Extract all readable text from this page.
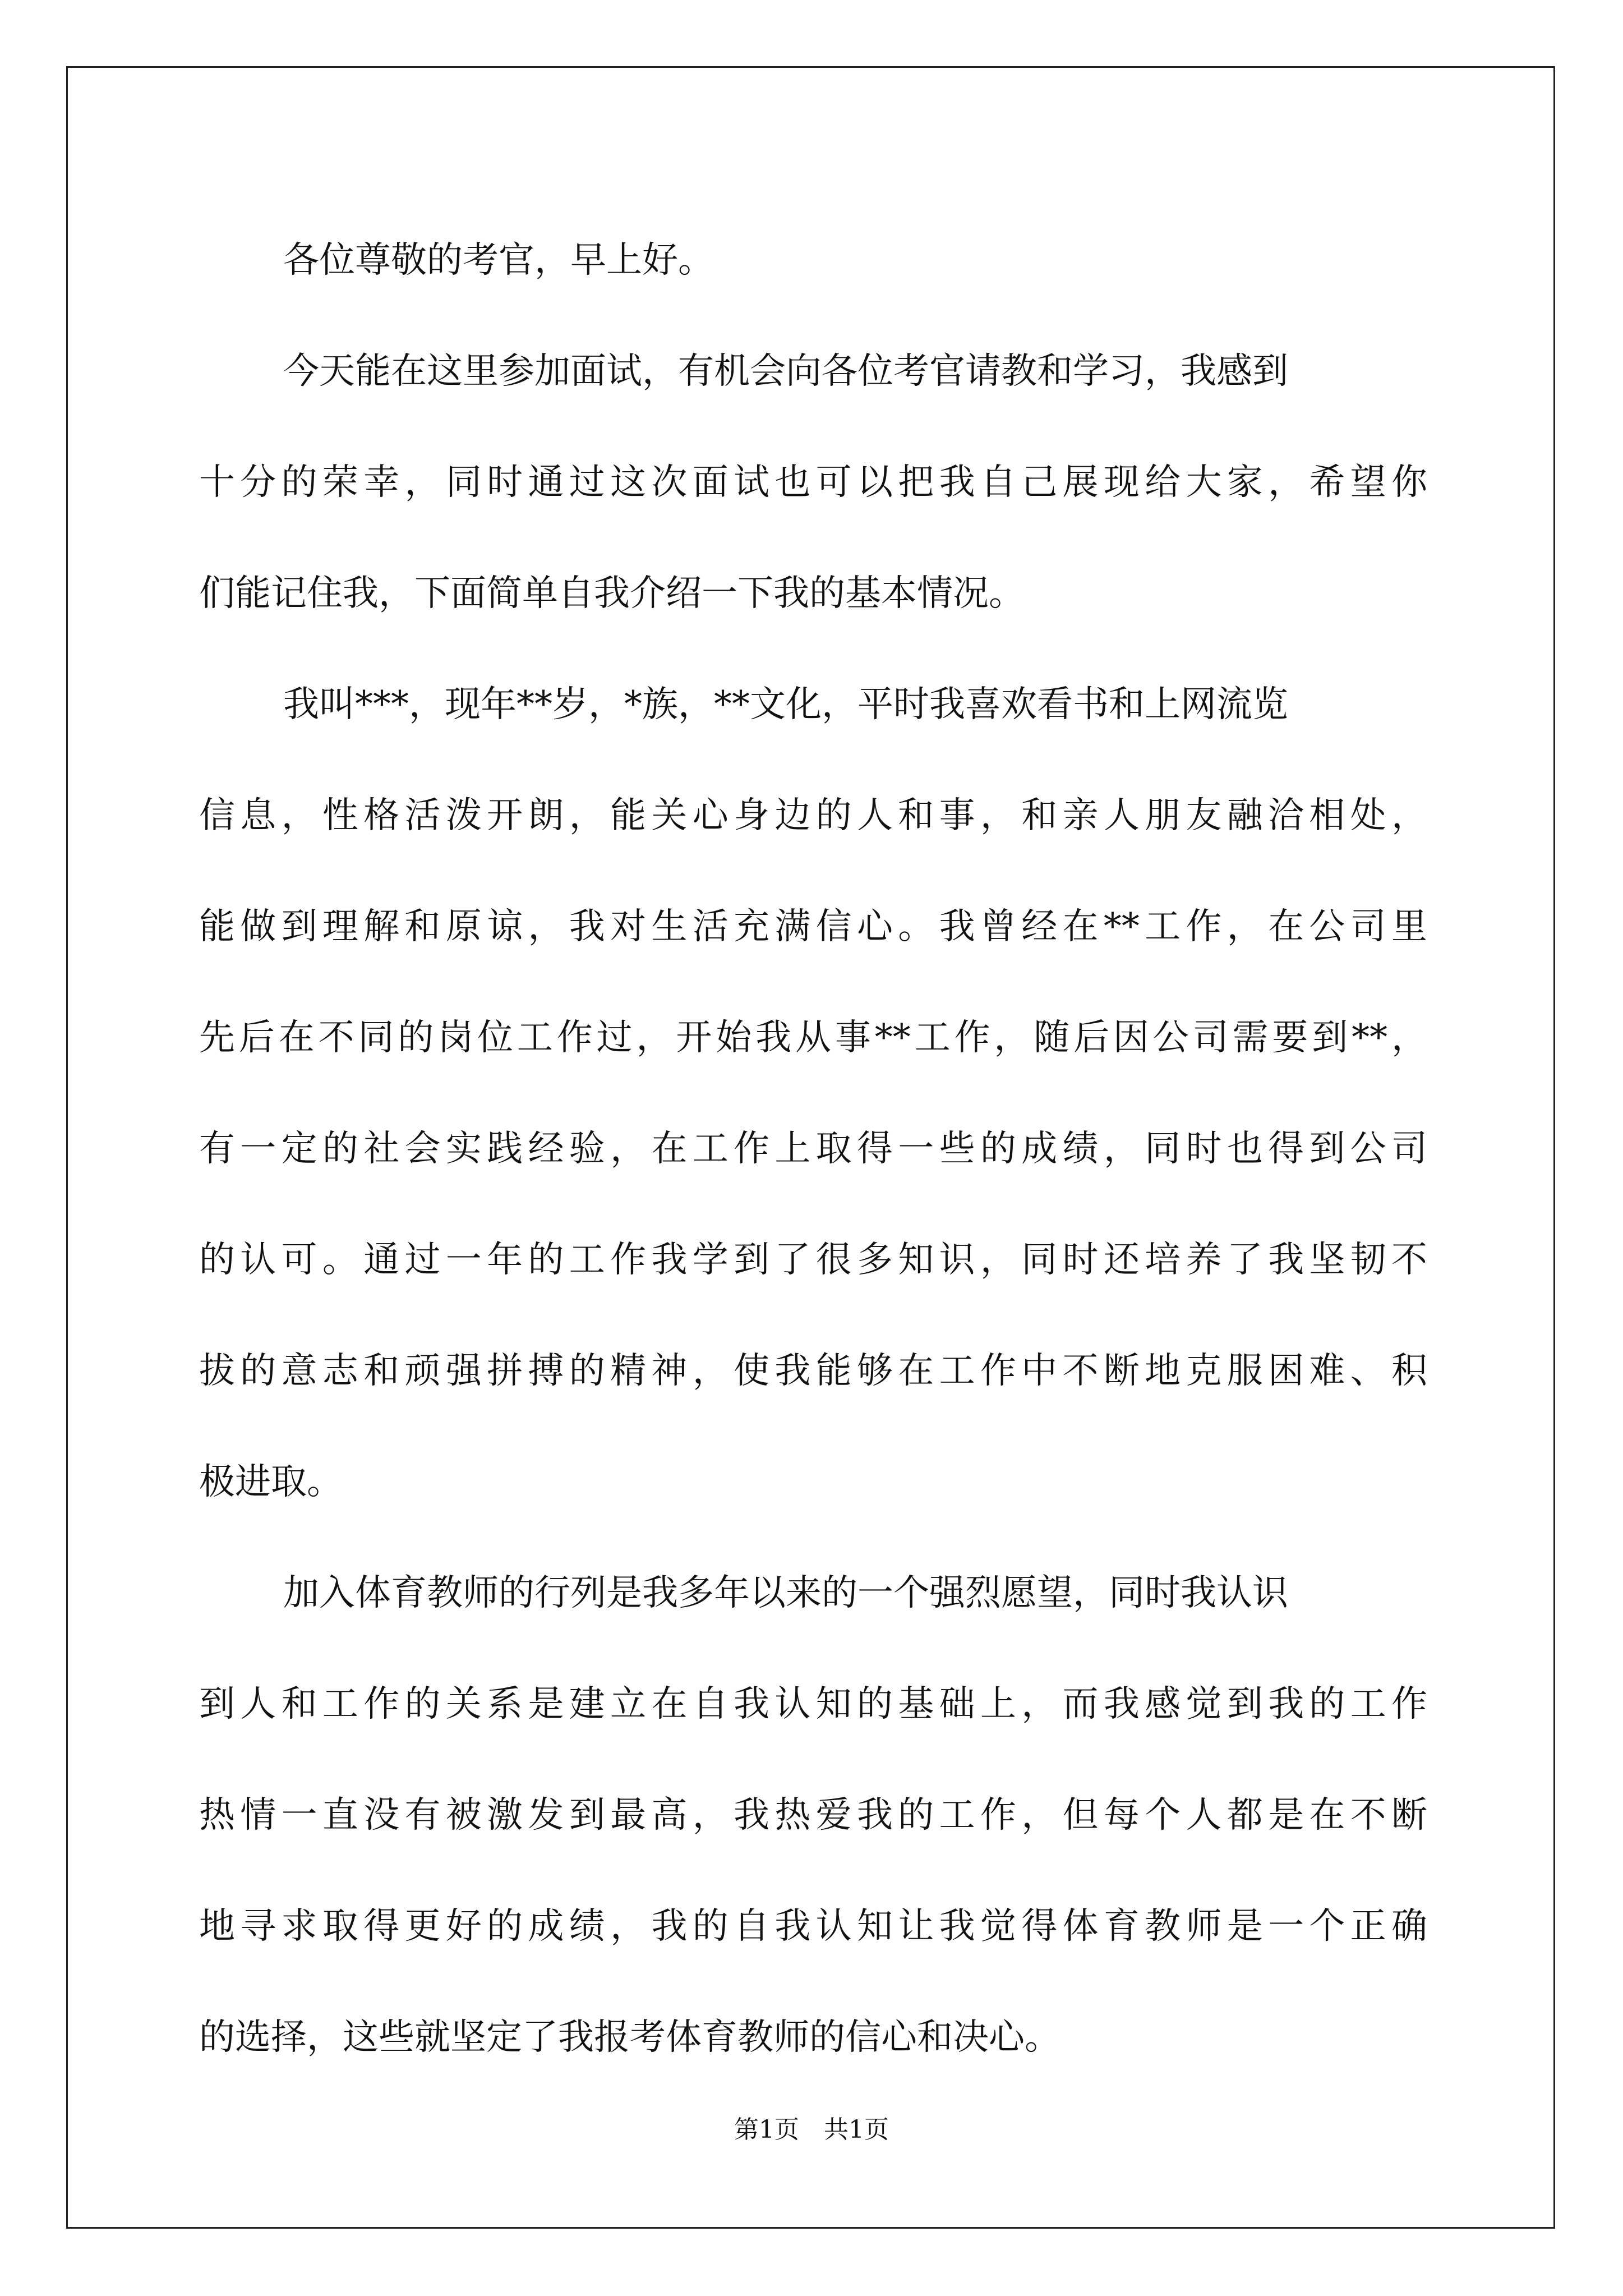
各位尊敬的考官，早上好。
今天能在这里参加面试，有机会向各位考官请教和学习，我感到
十分的荣幸，同时通过这次面试也可以把我自己展现给大家，希望你
们能记住我，下面简单自我介绍一下我的基本情况。
我叫***，现年**岁，*族，**文化，平时我喜欢看书和上网流览
信息，性格活泼开朗，能关心身边的人和事，和亲人朋友融洽相处，
能做到理解和原谅，我对生活充满信心。我曾经在**工作，在公司里
先后在不同的岗位工作过，开始我从事**工作，随后因公司需要到**，
有一定的社会实践经验，在工作上取得一些的成绩，同时也得到公司
的认可。通过一年的工作我学到了很多知识，同时还培养了我坚韧不
拔的意志和顽强拼搏的精神，使我能够在工作中不断地克服困难、积
极进取。
加入体育教师的行列是我多年以来的一个强烈愿望，同时我认识
到人和工作的关系是建立在自我认知的基础上，而我感觉到我的工作
热情一直没有被激发到最高，我热爱我的工作，但每个人都是在不断
地寻求取得更好的成绩，我的自我认知让我觉得体育教师是一个正确
的选择，这些就坚定了我报考体育教师的信心和决心。
第1页　共1页
